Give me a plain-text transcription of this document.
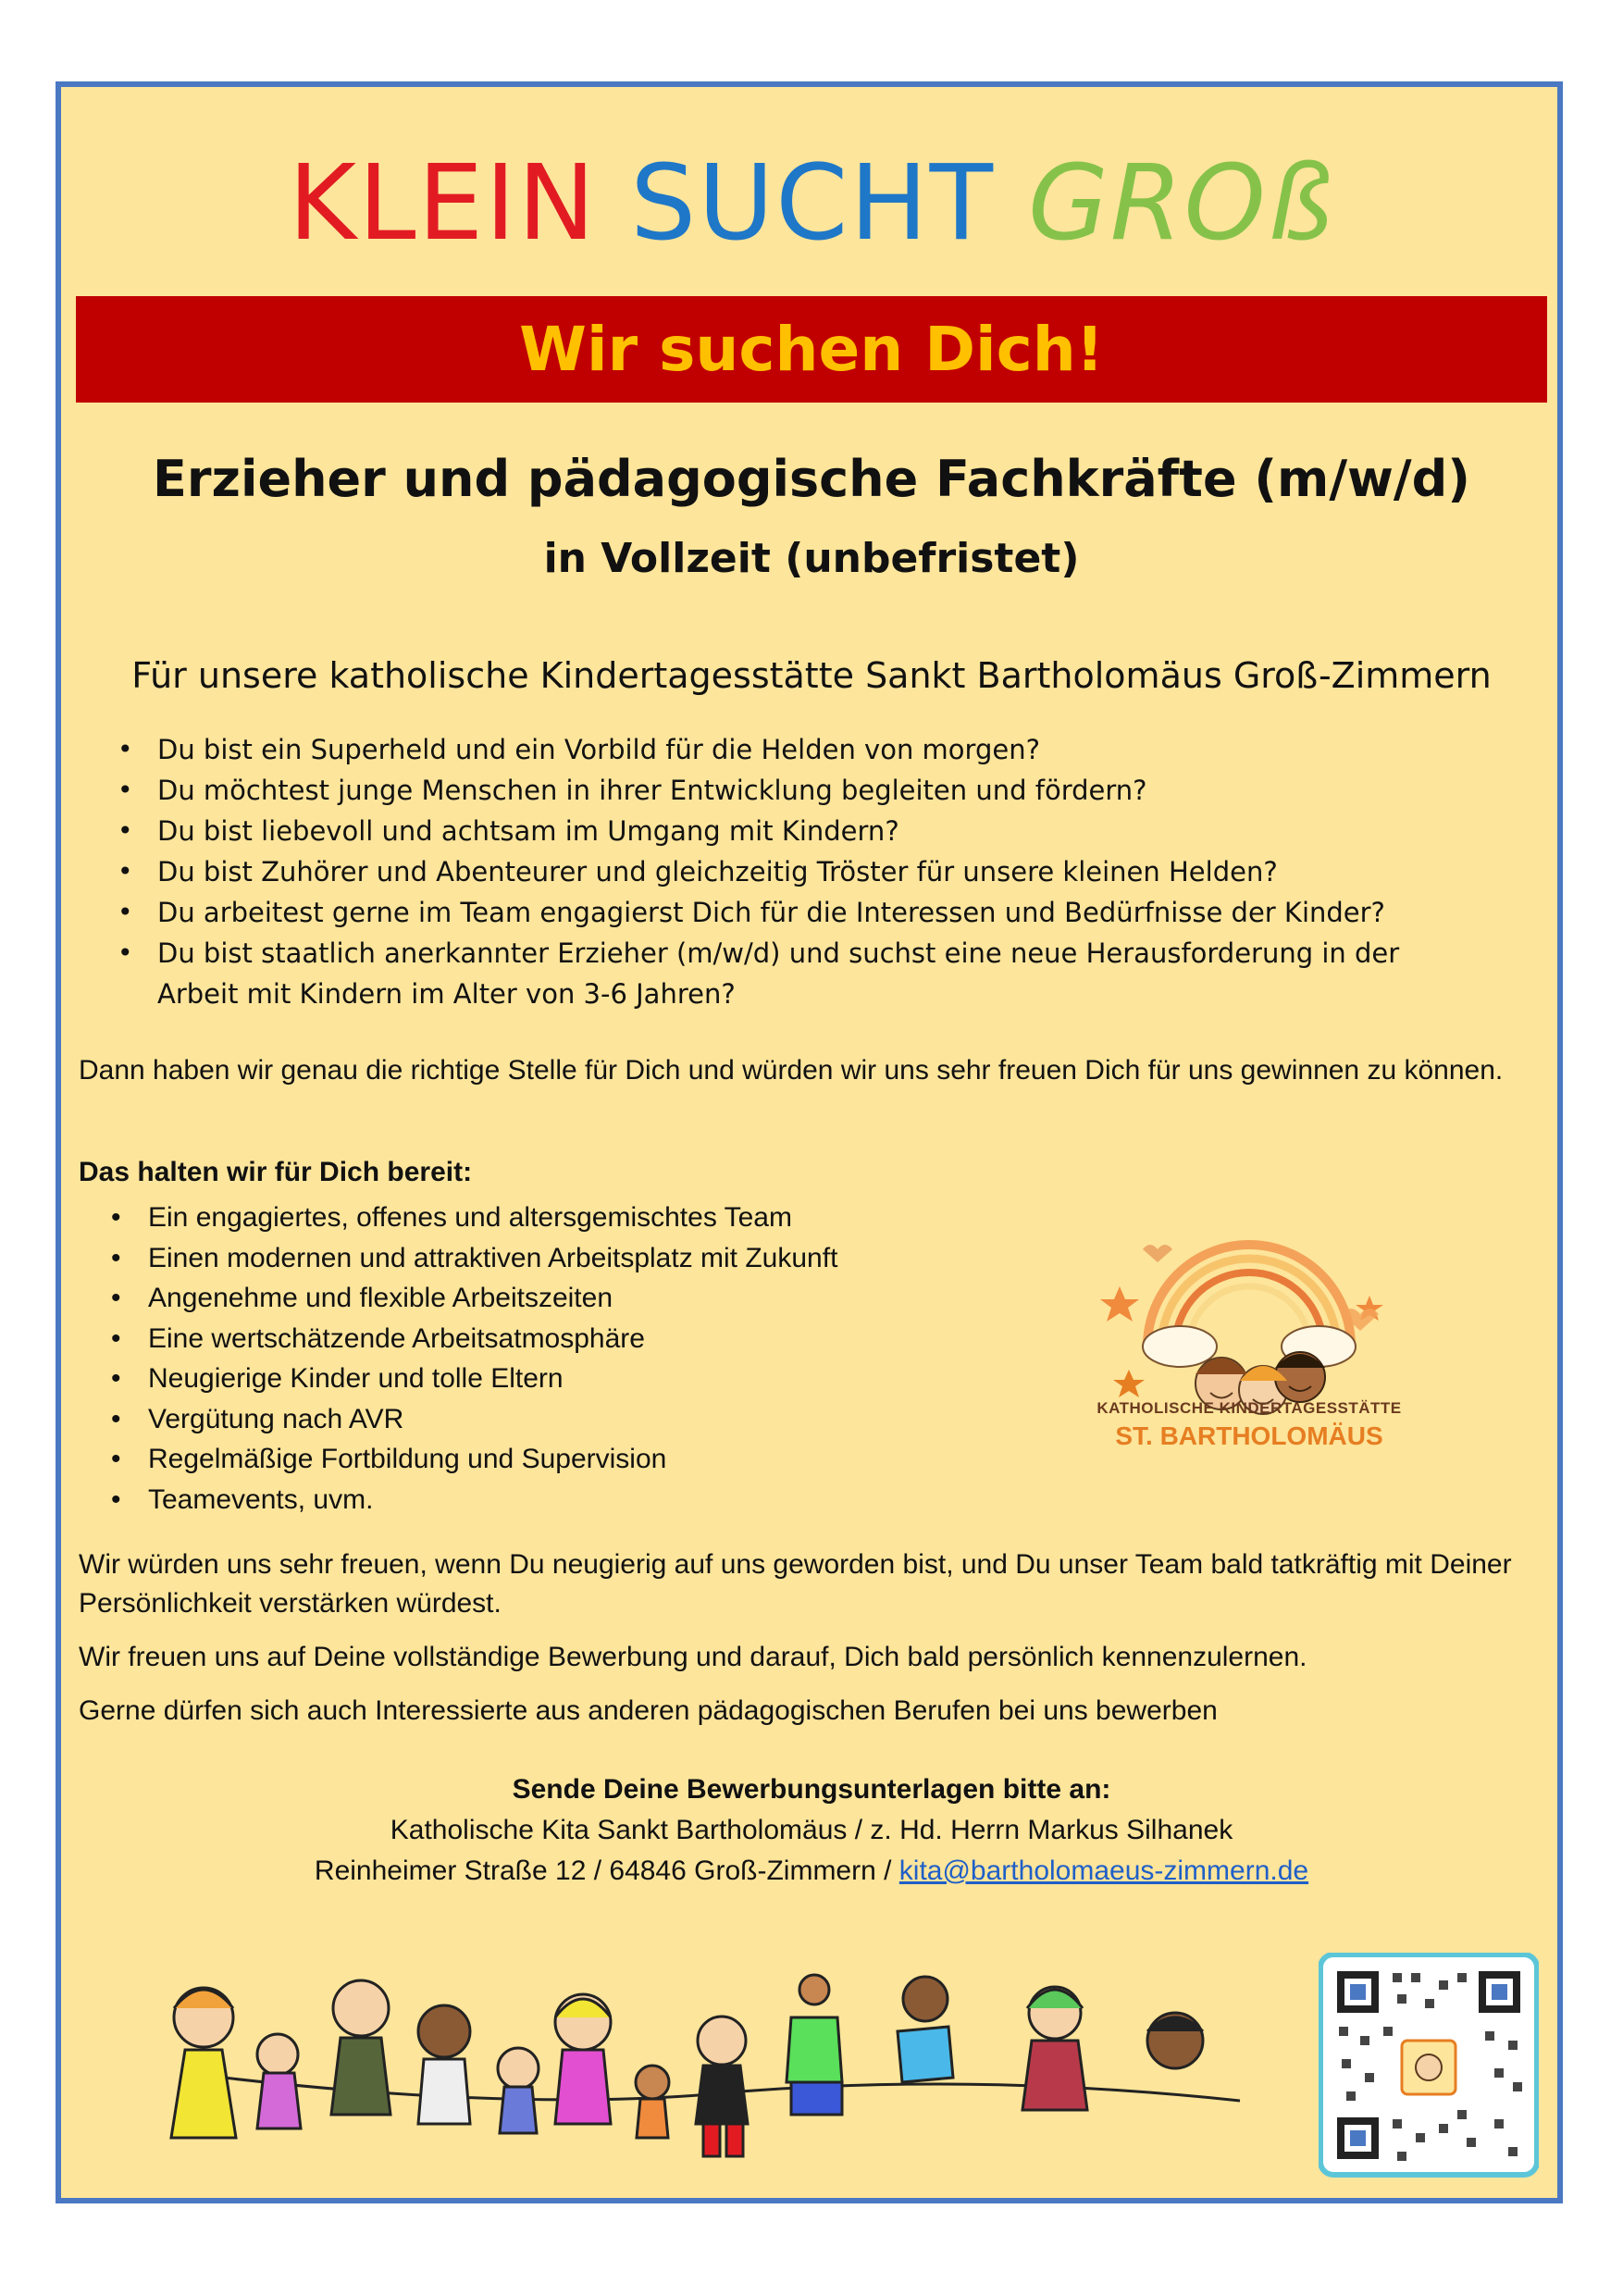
KLEIN SUCHT GROß
Wir suchen Dich!
Erzieher und pädagogische Fachkräfte (m/w/d)
in Vollzeit (unbefristet)

Für unsere katholische Kindertagesstätte Sankt Bartholomäus Groß-Zimmern

• Du bist ein Superheld und ein Vorbild für die Helden von morgen?
• Du möchtest junge Menschen in ihrer Entwicklung begleiten und fördern?
• Du bist liebevoll und achtsam im Umgang mit Kindern?
• Du bist Zuhörer und Abenteurer und gleichzeitig Tröster für unsere kleinen Helden?
• Du arbeitest gerne im Team engagierst Dich für die Interessen und Bedürfnisse der Kinder?
• Du bist staatlich anerkannter Erzieher (m/w/d) und suchst eine neue Herausforderung in der Arbeit mit Kindern im Alter von 3-6 Jahren?

Dann haben wir genau die richtige Stelle für Dich und würden wir uns sehr freuen Dich für uns gewinnen zu können.

Das halten wir für Dich bereit:

• Ein engagiertes, offenes und altersgemischtes Team
• Einen modernen und attraktiven Arbeitsplatz mit Zukunft
• Angenehme und flexible Arbeitszeiten
• Eine wertschätzende Arbeitsatmosphäre
• Neugierige Kinder und tolle Eltern
• Vergütung nach AVR
• Regelmäßige Fortbildung und Supervision
• Teamevents, uvm.
KATHOLISCHE KINDERTAGESSTÄTTE
ST. BARTHOLOMÄUS

Wir würden uns sehr freuen, wenn Du neugierig auf uns geworden bist, und Du unser Team bald tatkräftig mit Deiner Persönlichkeit verstärken würdest.

Wir freuen uns auf Deine vollständige Bewerbung und darauf, Dich bald persönlich kennenzulernen.

Gerne dürfen sich auch Interessierte aus anderen pädagogischen Berufen bei uns bewerben

Sende Deine Bewerbungsunterlagen bitte an:
Katholische Kita Sankt Bartholomäus / z. Hd. Herrn Markus Silhanek
Reinheimer Straße 12 / 64846 Groß-Zimmern / kita@bartholomaeus-zimmern.de
